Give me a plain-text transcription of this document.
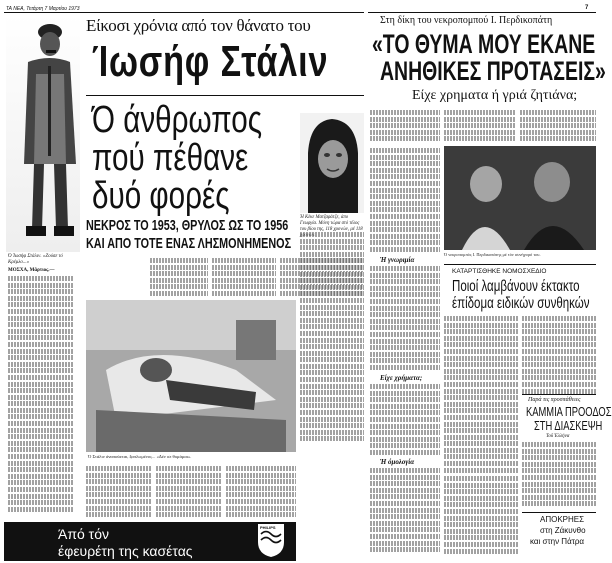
ΤΑ ΝΕΑ, Τετάρτη 7 Μαρτίου 1973	7
Ό Ίωσήφ Στάλιν. «Ζούσε τό Κρέμλο...»
Είκοσι χρόνια από τον θάνατο του
Ίωσήφ Στάλιν
Ό άνθρωπος
πού πέθανε
δυό φορές
Ή Κέκε Ματζαράτζε, άπο Γεωργία. Μόνη τώρα στό τέλος του βίου της, 118 χρονών, μέ 118
ΝΕΚΡΟΣ ΤΟ 1953, ΘΡΥΛΟΣ ΩΣ ΤΟ 1956
ΚΑΙ ΑΠΟ ΤΟΤΕ ΕΝΑΣ ΛΗΣΜΟΝΗΜΕΝΟΣ
ΜΟΣΧΑ, Μάρτιος.—
Ό Στάλιν άναπαύεται, ξαπλωμένος... «Δέν σε θυμάμαι».
Στη δίκη του νεκροπομπού Ι. Περδικοπάτη
«ΤΟ ΘΥΜΑ ΜΟΥ ΕΚΑΝΕ
ΑΝΗΘΙΚΕΣ ΠΡΟΤΑΣΕΙΣ»
Είχε χρηματα ή γριά ζητιάνα;
Ό νεκροπομπός Ι. Περδικοπάτης μέ τόν συνήγορό του.
Ή γνωριμία
Είχε χρήματα;
Ή όμολογία
ΚΑΤΑΡΤΙΣΘΗΚΕ ΝΟΜΟΣΧΕΔΙΟ
Ποιοί λαμβάνουν έκτακτο
έπίδομα ειδικών συνθηκών
Παρά τις προσπάθειες
ΚΑΜΜΙΑ ΠΡΟΟΔΟΣ
ΣΤΗ ΔΙΑΣΚΕΨΗ
Τοῦ Έλλήνα
ΑΠΟΚΡΗΕΣ
στη Ζάκυνθο
και στην Πάτρα
Άπό τόν
έφευρέτη της κασέτας
PHILIPS
